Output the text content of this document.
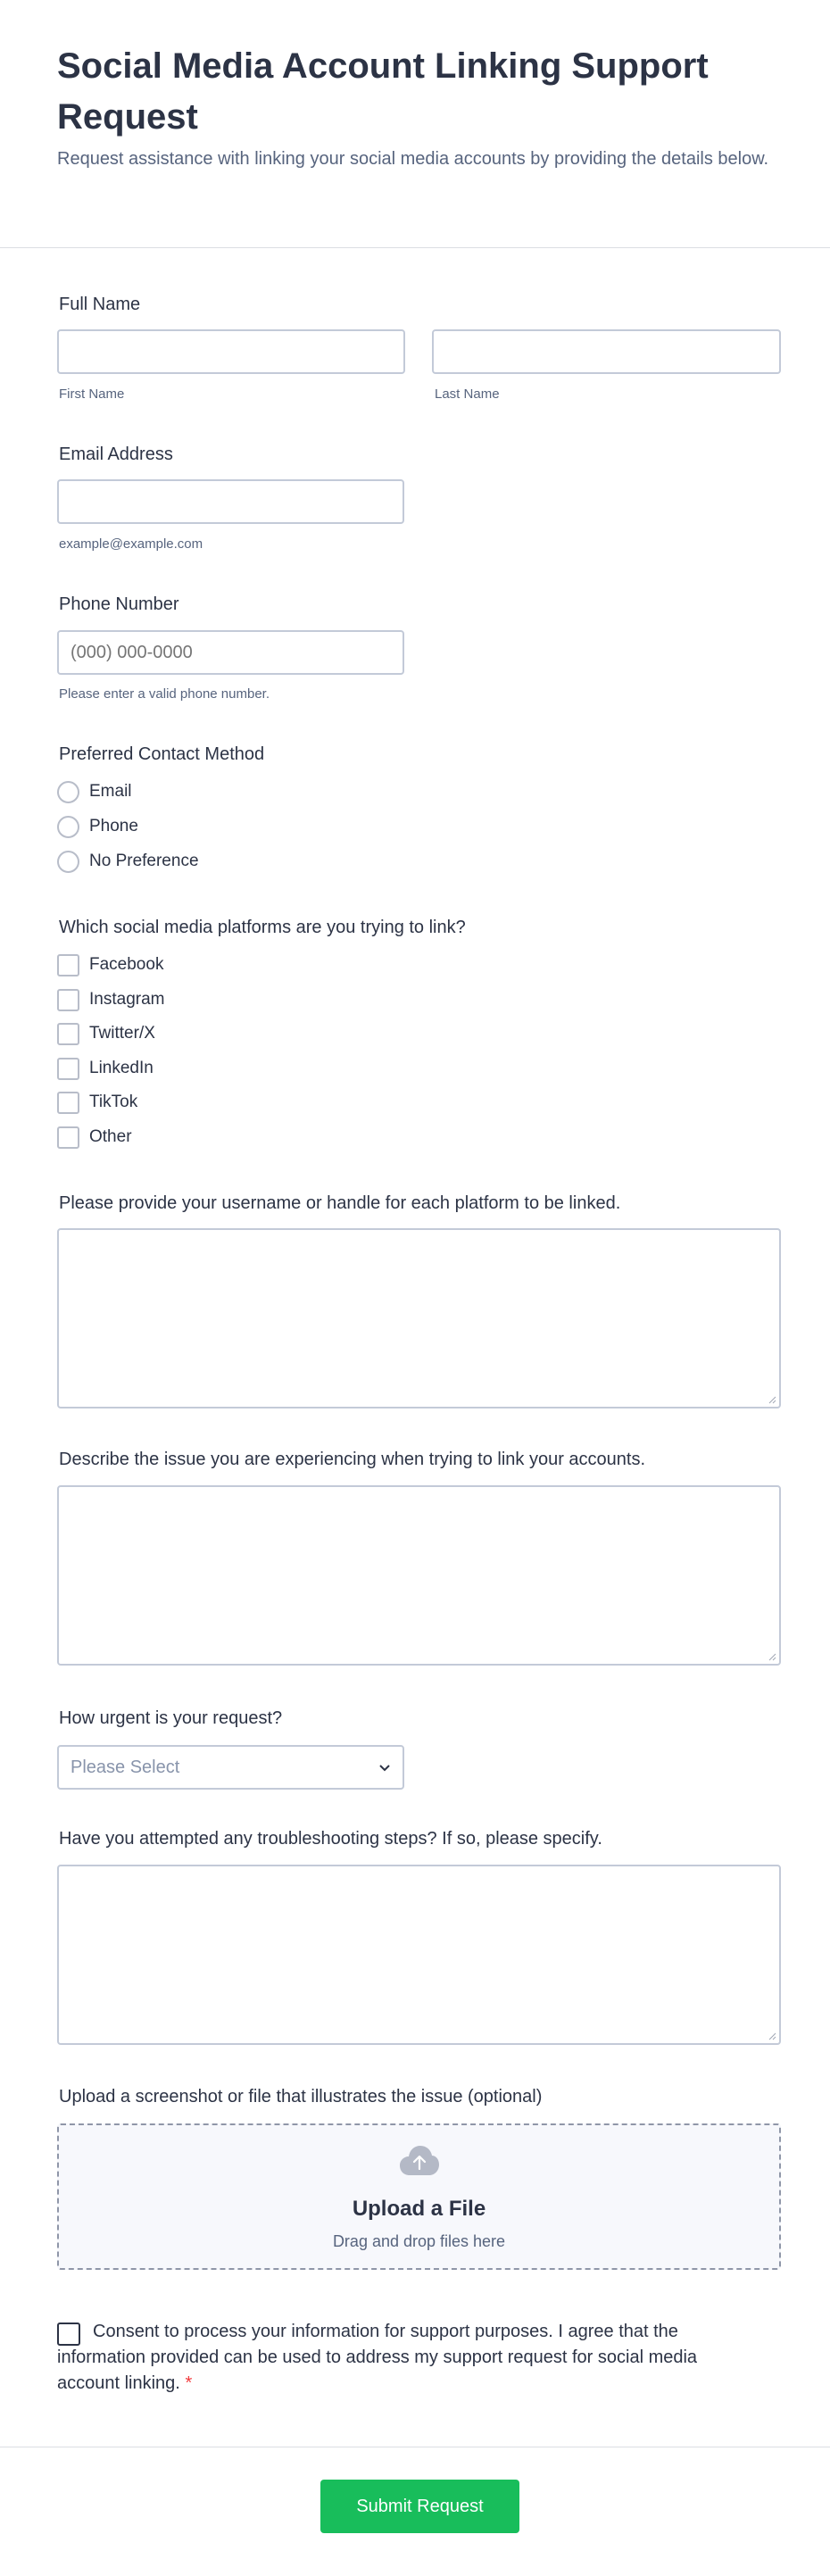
Social Media Account Linking Support Request

Request assistance with linking your social media accounts by providing the details below.

Full Name
First Name	Last Name
Email Address
example@example.com
Phone Number
(000) 000-0000
Please enter a valid phone number.
Preferred Contact Method
Email
Phone
No Preference
Which social media platforms are you trying to link?
Facebook
Instagram
Twitter/X
LinkedIn
TikTok
Other
Please provide your username or handle for each platform to be linked.
Describe the issue you are experiencing when trying to link your accounts.
How urgent is your request?
Please Select
Have you attempted any troubleshooting steps? If so, please specify.
Upload a screenshot or file that illustrates the issue (optional)
Upload a File
Drag and drop files here

Consent to process your information for support purposes. I agree that the information provided can be used to address my support request for social media account linking. *

Submit Request
